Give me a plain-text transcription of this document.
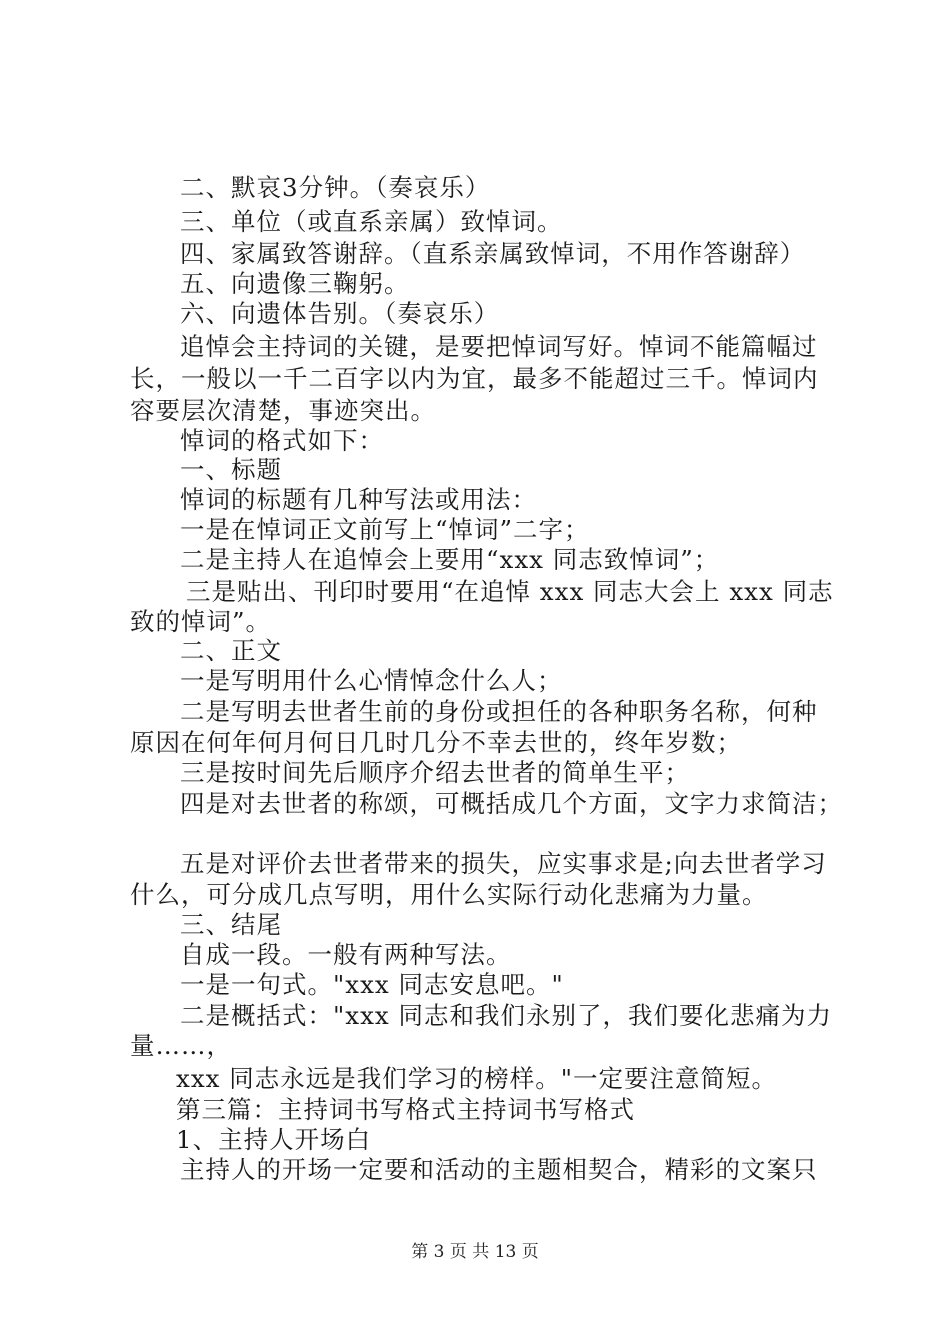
二、默哀3分钟。（奏哀乐）
三、单位（或直系亲属）致悼词。
四、家属致答谢辞。（直系亲属致悼词，不用作答谢辞）
五、向遗像三鞠躬。
六、向遗体告别。（奏哀乐）
追悼会主持词的关键，是要把悼词写好。悼词不能篇幅过
长，一般以一千二百字以内为宜，最多不能超过三千。悼词内
容要层次清楚，事迹突出。
悼词的格式如下：
一、标题
悼词的标题有几种写法或用法：
一是在悼词正文前写上“悼词”二字；
二是主持人在追悼会上要用“xxx 同志致悼词”；
三是贴出、刊印时要用“在追悼 xxx 同志大会上 xxx 同志
致的悼词”。
二、正文
一是写明用什么心情悼念什么人；
二是写明去世者生前的身份或担任的各种职务名称，何种
原因在何年何月何日几时几分不幸去世的，终年岁数；
三是按时间先后顺序介绍去世者的简单生平；
四是对去世者的称颂，可概括成几个方面，文字力求简洁；
五是对评价去世者带来的损失，应实事求是;向去世者学习
什么，可分成几点写明，用什么实际行动化悲痛为力量。
三、结尾
自成一段。一般有两种写法。
一是一句式。"xxx 同志安息吧。"
二是概括式："xxx 同志和我们永别了，我们要化悲痛为力
量……，
xxx 同志永远是我们学习的榜样。"一定要注意简短。
第三篇：主持词书写格式主持词书写格式
1、主持人开场白
主持人的开场一定要和活动的主题相契合，精彩的文案只
第 3 页 共 13 页
